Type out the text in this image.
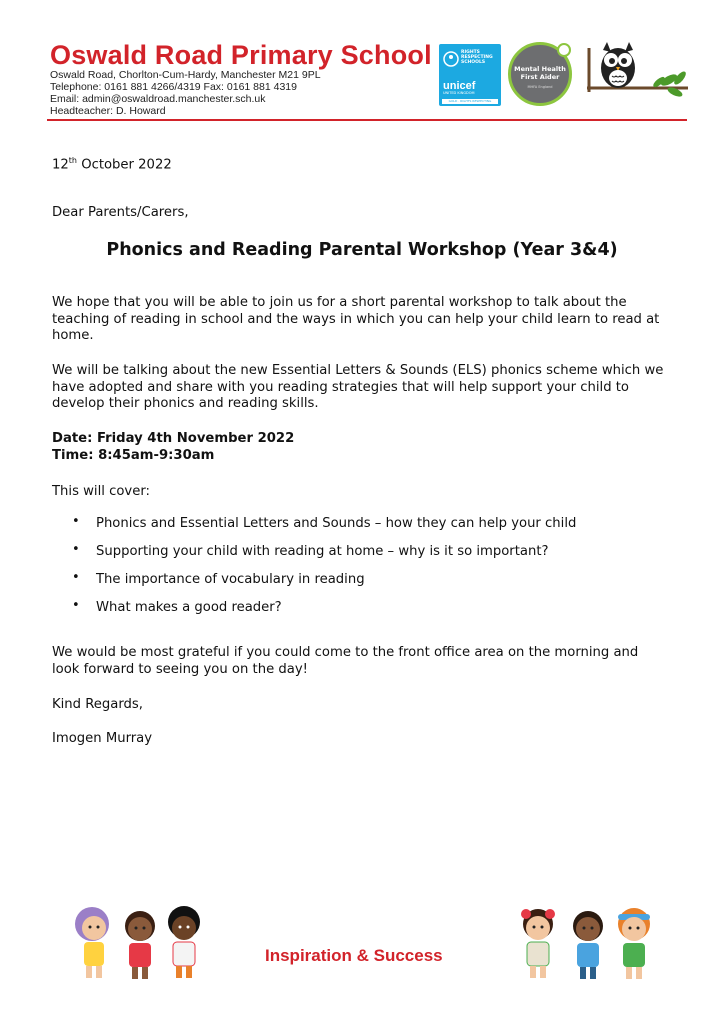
Oswald Road Primary School
Oswald Road, Chorlton-Cum-Hardy, Manchester M21 9PL
Telephone: 0161 881 4266/4319 Fax: 0161 881 4319
Email: admin@oswaldroad.manchester.sch.uk
Headteacher: D. Howard
RIGHTS
RESPECTING
SCHOOLS
unicef
UNITED KINGDOM
GOLD · RIGHTS RESPECTING
Mental Health
First Aider
MHFA England
12th October 2022
Dear Parents/Carers,
Phonics and Reading Parental Workshop (Year 3&4)
We hope that you will be able to join us for a short parental workshop to talk about the teaching of reading in school and the ways in which you can help your child learn to read at home.
We will be talking about the new Essential Letters & Sounds (ELS) phonics scheme which we have adopted and share with you reading strategies that will help support your child to develop their phonics and reading skills.
Date: Friday 4th November 2022
Time: 8:45am-9:30am
This will cover:
• Phonics and Essential Letters and Sounds – how they can help your child
• Supporting your child with reading at home – why is it so important?
• The importance of vocabulary in reading
• What makes a good reader?
We would be most grateful if you could come to the front office area on the morning and look forward to seeing you on the day!
Kind Regards,
Imogen Murray
Inspiration & Success
